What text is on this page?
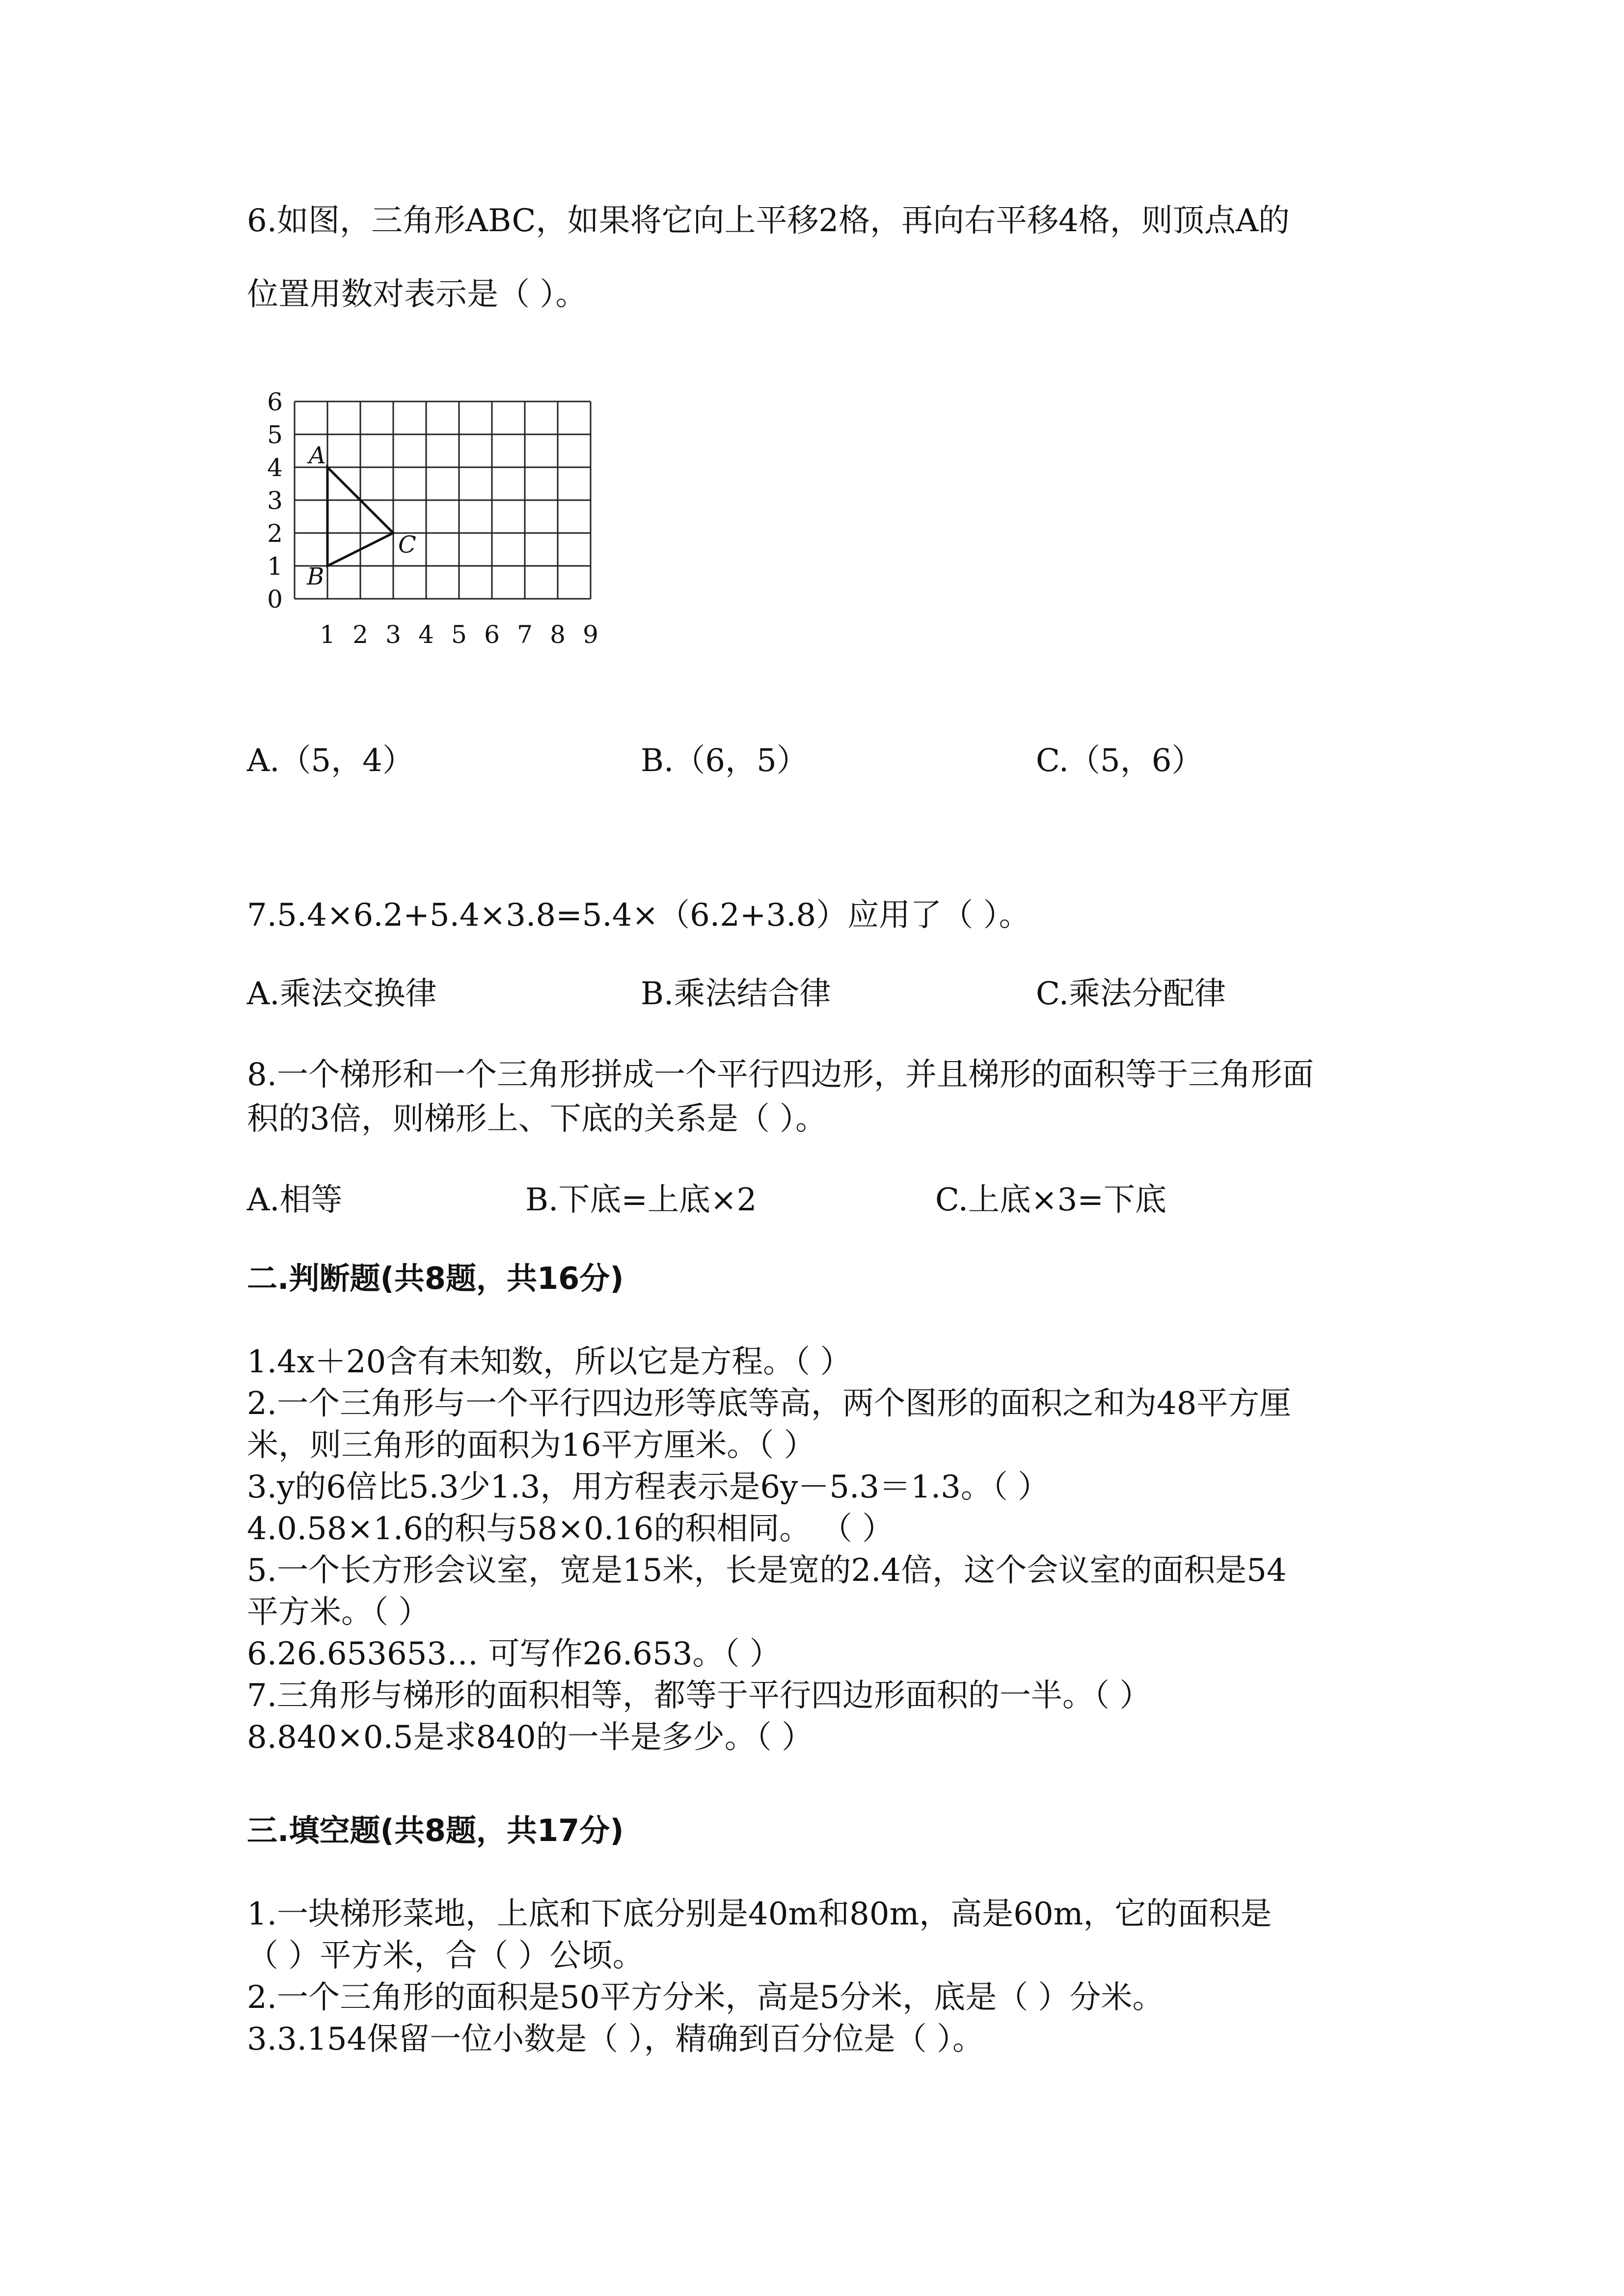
6.如图，三角形ABC，如果将它向上平移2格，再向右平移4格，则顶点A的
位置用数对表示是（ ）。
0
1
2
3
4
5
6
1 2 3 4 5 6 7 8 9
A
B
C
A.（5，4）	B.（6，5）	C.（5，6）
7.5.4×6.2+5.4×3.8=5.4×（6.2+3.8）应用了（ ）。
A.乘法交换律	B.乘法结合律	C.乘法分配律
8.一个梯形和一个三角形拼成一个平行四边形，并且梯形的面积等于三角形面
积的3倍，则梯形上、下底的关系是（ ）。
A.相等	B.下底=上底×2	C.上底×3=下底
二.判断题(共8题，共16分)
1.4x＋20含有未知数，所以它是方程。（ ）
2.一个三角形与一个平行四边形等底等高，两个图形的面积之和为48平方厘
米，则三角形的面积为16平方厘米。（ ）
3.y的6倍比5.3少1.3，用方程表示是6y－5.3＝1.3。（ ）
4.0.58×1.6的积与58×0.16的积相同。 （ ）
5.一个长方形会议室，宽是15米，长是宽的2.4倍，这个会议室的面积是54
平方米。（ ）
6.26.653653… 可写作26.653。（ ）
7.三角形与梯形的面积相等，都等于平行四边形面积的一半。（ ）
8.840×0.5是求840的一半是多少。（ ）
三.填空题(共8题，共17分)
1.一块梯形菜地，上底和下底分别是40m和80m，高是60m，它的面积是
（ ）平方米，合（ ）公顷。
2.一个三角形的面积是50平方分米，高是5分米，底是（ ）分米。
3.3.154保留一位小数是（ ），精确到百分位是（ ）。
